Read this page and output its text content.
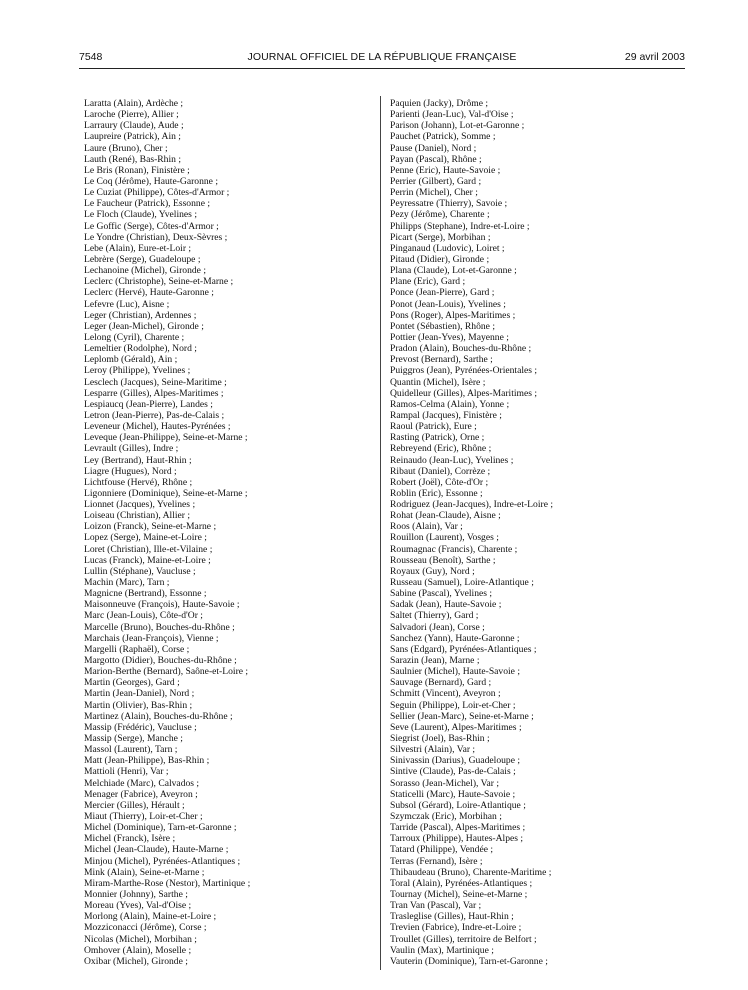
7548	JOURNAL OFFICIEL DE LA RÉPUBLIQUE FRANÇAISE	29 avril 2003
Laratta (Alain), Ardèche ;
Laroche (Pierre), Allier ;
Larraury (Claude), Aude ;
Laupreire (Patrick), Ain ;
Laure (Bruno), Cher ;
Lauth (René), Bas-Rhin ;
Le Bris (Ronan), Finistère ;
Le Coq (Jérôme), Haute-Garonne ;
Le Cuziat (Philippe), Côtes-d'Armor ;
Le Faucheur (Patrick), Essonne ;
Le Floch (Claude), Yvelines ;
Le Goffic (Serge), Côtes-d'Armor ;
Le Yondre (Christian), Deux-Sèvres ;
Lebe (Alain), Eure-et-Loir ;
Lebrère (Serge), Guadeloupe ;
Lechanoine (Michel), Gironde ;
Leclerc (Christophe), Seine-et-Marne ;
Leclerc (Hervé), Haute-Garonne ;
Lefevre (Luc), Aisne ;
Leger (Christian), Ardennes ;
Leger (Jean-Michel), Gironde ;
Lelong (Cyril), Charente ;
Lemeltier (Rodolphe), Nord ;
Leplomb (Gérald), Ain ;
Leroy (Philippe), Yvelines ;
Lesclech (Jacques), Seine-Maritime ;
Lesparre (Gilles), Alpes-Maritimes ;
Lespiaucq (Jean-Pierre), Landes ;
Letron (Jean-Pierre), Pas-de-Calais ;
Leveneur (Michel), Hautes-Pyrénées ;
Leveque (Jean-Philippe), Seine-et-Marne ;
Levrault (Gilles), Indre ;
Ley (Bertrand), Haut-Rhin ;
Liagre (Hugues), Nord ;
Lichtfouse (Hervé), Rhône ;
Ligonniere (Dominique), Seine-et-Marne ;
Lionnet (Jacques), Yvelines ;
Loiseau (Christian), Allier ;
Loizon (Franck), Seine-et-Marne ;
Lopez (Serge), Maine-et-Loire ;
Loret (Christian), Ille-et-Vilaine ;
Lucas (Franck), Maine-et-Loire ;
Lullin (Stéphane), Vaucluse ;
Machin (Marc), Tarn ;
Magnicne (Bertrand), Essonne ;
Maisonneuve (François), Haute-Savoie ;
Marc (Jean-Louis), Côte-d'Or ;
Marcelle (Bruno), Bouches-du-Rhône ;
Marchais (Jean-François), Vienne ;
Margelli (Raphaël), Corse ;
Margotto (Didier), Bouches-du-Rhône ;
Marion-Berthe (Bernard), Saône-et-Loire ;
Martin (Georges), Gard ;
Martin (Jean-Daniel), Nord ;
Martin (Olivier), Bas-Rhin ;
Martinez (Alain), Bouches-du-Rhône ;
Massip (Frédéric), Vaucluse ;
Massip (Serge), Manche ;
Massol (Laurent), Tarn ;
Matt (Jean-Philippe), Bas-Rhin ;
Mattioli (Henri), Var ;
Melchiade (Marc), Calvados ;
Menager (Fabrice), Aveyron ;
Mercier (Gilles), Hérault ;
Miaut (Thierry), Loir-et-Cher ;
Michel (Dominique), Tarn-et-Garonne ;
Michel (Franck), Isère ;
Michel (Jean-Claude), Haute-Marne ;
Minjou (Michel), Pyrénées-Atlantiques ;
Mink (Alain), Seine-et-Marne ;
Miram-Marthe-Rose (Nestor), Martinique ;
Monnier (Johnny), Sarthe ;
Moreau (Yves), Val-d'Oise ;
Morlong (Alain), Maine-et-Loire ;
Mozziconacci (Jérôme), Corse ;
Nicolas (Michel), Morbihan ;
Omhover (Alain), Moselle ;
Oxibar (Michel), Gironde ;
Paquien (Jacky), Drôme ;
Parienti (Jean-Luc), Val-d'Oise ;
Parison (Johann), Lot-et-Garonne ;
Pauchet (Patrick), Somme ;
Pause (Daniel), Nord ;
Payan (Pascal), Rhône ;
Penne (Eric), Haute-Savoie ;
Perrier (Gilbert), Gard ;
Perrin (Michel), Cher ;
Peyressatre (Thierry), Savoie ;
Pezy (Jérôme), Charente ;
Philipps (Stephane), Indre-et-Loire ;
Picart (Serge), Morbihan ;
Pinganaud (Ludovic), Loiret ;
Pitaud (Didier), Gironde ;
Plana (Claude), Lot-et-Garonne ;
Plane (Eric), Gard ;
Ponce (Jean-Pierre), Gard ;
Ponot (Jean-Louis), Yvelines ;
Pons (Roger), Alpes-Maritimes ;
Pontet (Sébastien), Rhône ;
Pottier (Jean-Yves), Mayenne ;
Pradon (Alain), Bouches-du-Rhône ;
Prevost (Bernard), Sarthe ;
Puiggros (Jean), Pyrénées-Orientales ;
Quantin (Michel), Isère ;
Quidelleur (Gilles), Alpes-Maritimes ;
Ramos-Celma (Alain), Yonne ;
Rampal (Jacques), Finistère ;
Raoul (Patrick), Eure ;
Rasting (Patrick), Orne ;
Rebreyend (Eric), Rhône ;
Reinaudo (Jean-Luc), Yvelines ;
Ribaut (Daniel), Corrèze ;
Robert (Joël), Côte-d'Or ;
Roblin (Eric), Essonne ;
Rodriguez (Jean-Jacques), Indre-et-Loire ;
Rohat (Jean-Claude), Aisne ;
Roos (Alain), Var ;
Rouillon (Laurent), Vosges ;
Roumagnac (Francis), Charente ;
Rousseau (Benoît), Sarthe ;
Royaux (Guy), Nord ;
Russeau (Samuel), Loire-Atlantique ;
Sabine (Pascal), Yvelines ;
Sadak (Jean), Haute-Savoie ;
Saltet (Thierry), Gard ;
Salvadori (Jean), Corse ;
Sanchez (Yann), Haute-Garonne ;
Sans (Edgard), Pyrénées-Atlantiques ;
Sarazin (Jean), Marne ;
Saulnier (Michel), Haute-Savoie ;
Sauvage (Bernard), Gard ;
Schmitt (Vincent), Aveyron ;
Seguin (Philippe), Loir-et-Cher ;
Sellier (Jean-Marc), Seine-et-Marne ;
Seve (Laurent), Alpes-Maritimes ;
Siegrist (Joel), Bas-Rhin ;
Silvestri (Alain), Var ;
Sinivassin (Darius), Guadeloupe ;
Sintive (Claude), Pas-de-Calais ;
Sorasso (Jean-Michel), Var ;
Staticelli (Marc), Haute-Savoie ;
Subsol (Gérard), Loire-Atlantique ;
Szymczak (Eric), Morbihan ;
Tarride (Pascal), Alpes-Maritimes ;
Tarroux (Philippe), Hautes-Alpes ;
Tatard (Philippe), Vendée ;
Terras (Fernand), Isère ;
Thibaudeau (Bruno), Charente-Maritime ;
Toral (Alain), Pyrénées-Atlantiques ;
Tournay (Michel), Seine-et-Marne ;
Tran Van (Pascal), Var ;
Trasleglise (Gilles), Haut-Rhin ;
Trevien (Fabrice), Indre-et-Loire ;
Troullet (Gilles), territoire de Belfort ;
Vaulin (Max), Martinique ;
Vauterin (Dominique), Tarn-et-Garonne ;
